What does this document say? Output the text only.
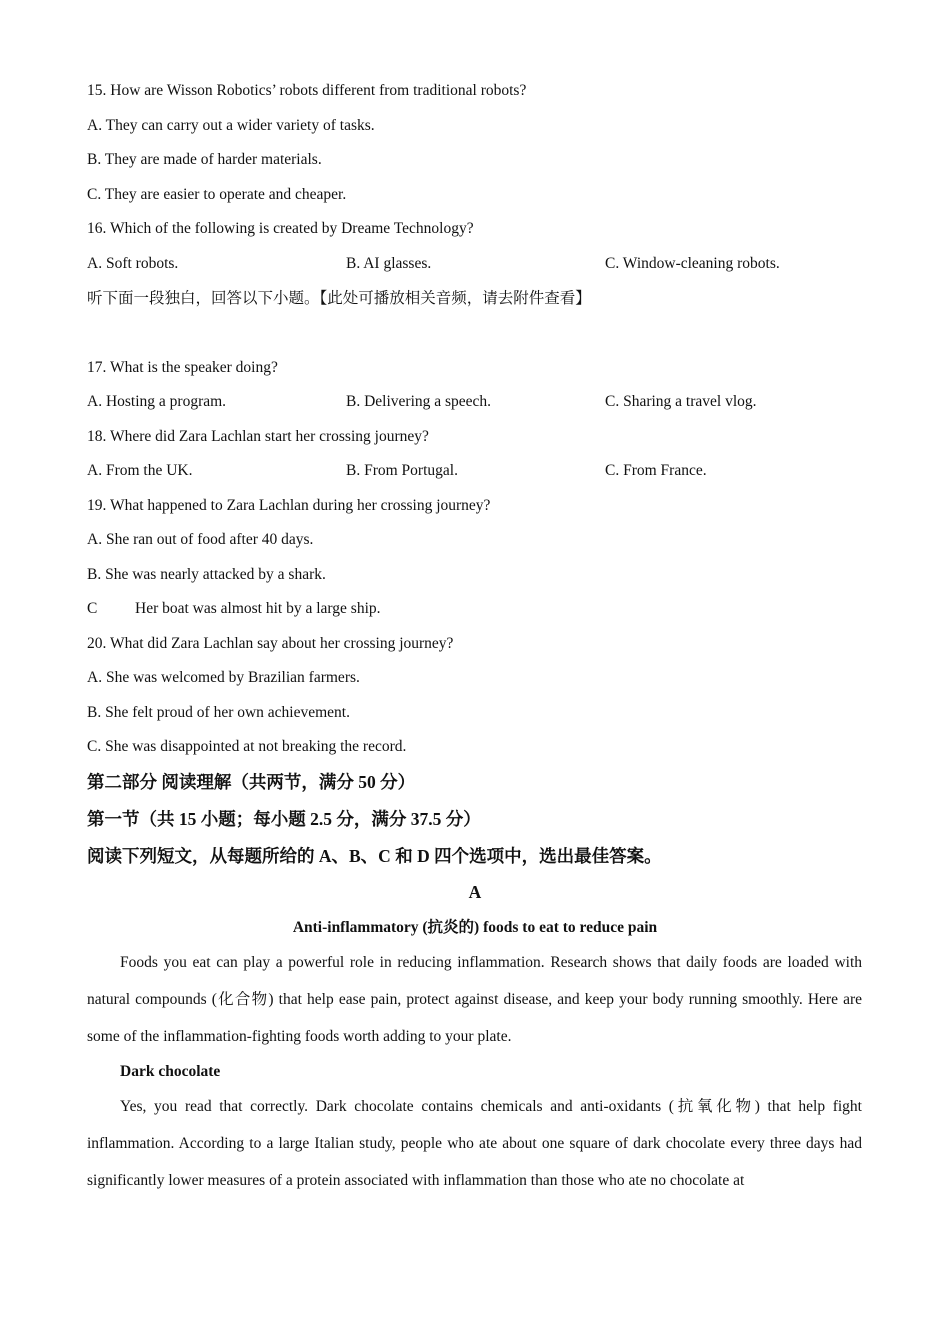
15. How are Wisson Robotics’ robots different from traditional robots?
A. They can carry out a wider variety of tasks.
B. They are made of harder materials.
C. They are easier to operate and cheaper.
16. Which of the following is created by Dreame Technology?
A. Soft robots.	B. AI glasses.	C. Window-cleaning robots.
听下面一段独白，回答以下小题。【此处可播放相关音频，请去附件查看】
17. What is the speaker doing?
A. Hosting a program.	B. Delivering a speech.	C. Sharing a travel vlog.
18. Where did Zara Lachlan start her crossing journey?
A. From the UK.	B. From Portugal.	C. From France.
19. What happened to Zara Lachlan during her crossing journey?
A. She ran out of food after 40 days.
B. She was nearly attacked by a shark.
C Her boat was almost hit by a large ship.
20. What did Zara Lachlan say about her crossing journey?
A. She was welcomed by Brazilian farmers.
B. She felt proud of her own achievement.
C. She was disappointed at not breaking the record.
第二部分 阅读理解（共两节，满分 50 分）
第一节（共 15 小题；每小题 2.5 分，满分 37.5 分）
阅读下列短文，从每题所给的 A、B、C 和 D 四个选项中，选出最佳答案。
A
Anti-inflammatory (抗炎的) foods to eat to reduce pain

Foods you eat can play a powerful role in reducing inflammation. Research shows that daily foods are loaded with natural compounds (化合物) that help ease pain, protect against disease, and keep your body running smoothly. Here are some of the inflammation-fighting foods worth adding to your plate.

Dark chocolate

Yes, you read that correctly. Dark chocolate contains chemicals and anti-oxidants (抗氧化物) that help fight inflammation. According to a large Italian study, people who ate about one square of dark chocolate every three days had significantly lower measures of a protein associated with inflammation than those who ate no chocolate at
